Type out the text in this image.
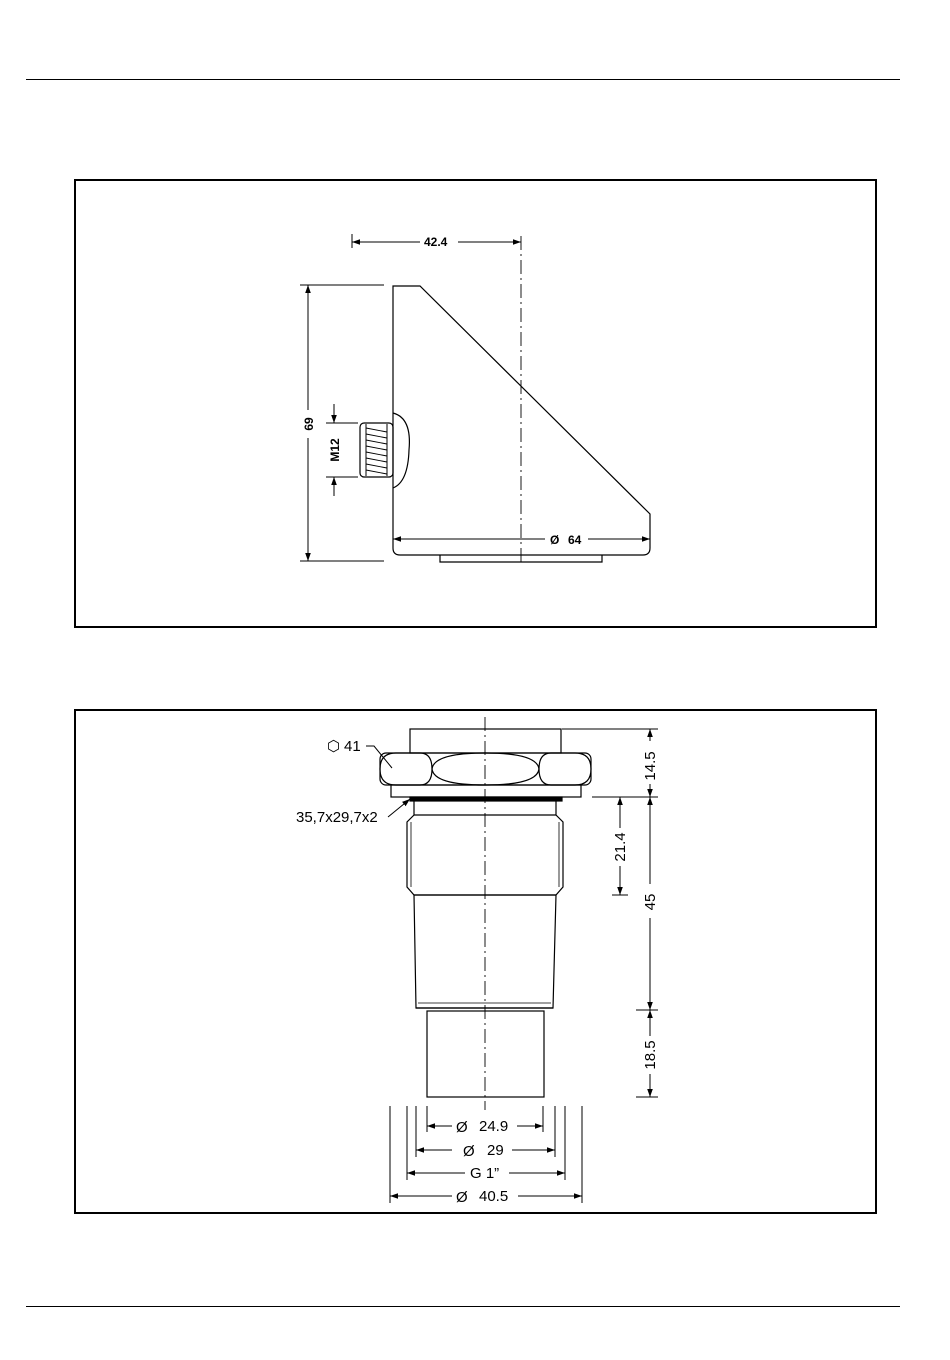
42.4
69
M12
Ø 64
14.5
21.4
45
18.5
⬡ 41
35,7x29,7x2
Ø 24.9
Ø 29
G 1”
Ø 40.5
